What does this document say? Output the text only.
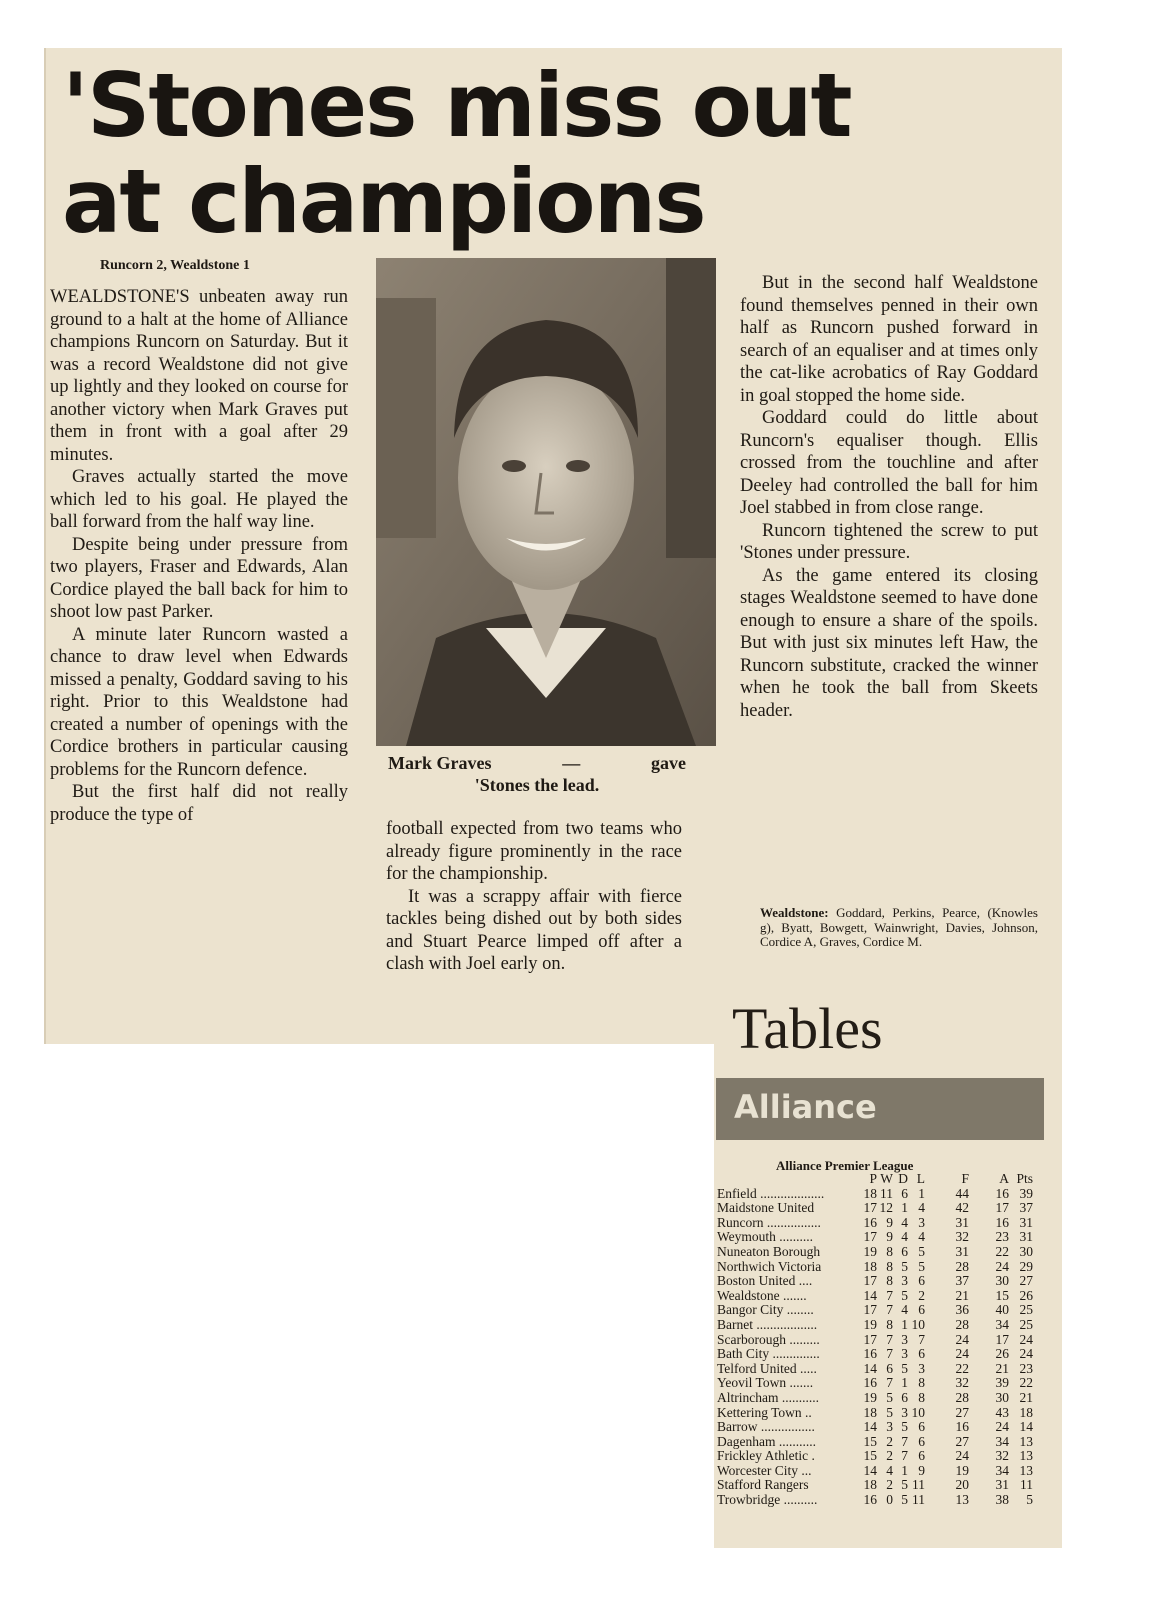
'Stones miss out
at champions
Runcorn 2, Wealdstone 1

WEALDSTONE'S unbeaten away run ground to a halt at the home of Alliance champions Runcorn on Saturday. But it was a record Wealdstone did not give up lightly and they looked on course for another victory when Mark Graves put them in front with a goal after 29 minutes.

Graves actually started the move which led to his goal. He played the ball forward from the half way line.

Despite being under pressure from two players, Fraser and Edwards, Alan Cordice played the ball back for him to shoot low past Parker.

A minute later Runcorn wasted a chance to draw level when Edwards missed a penalty, Goddard saving to his right. Prior to this Wealdstone had created a number of openings with the Cordice brothers in particular causing problems for the Runcorn defence.

But the first half did not really produce the type of

Mark Graves	—	gave
'Stones the lead.

football expected from two teams who already figure prominently in the race for the championship.

It was a scrappy affair with fierce tackles being dished out by both sides and Stuart Pearce limped off after a clash with Joel early on.

But in the second half Wealdstone found themselves penned in their own half as Runcorn pushed forward in search of an equaliser and at times only the cat-like acrobatics of Ray Goddard in goal stopped the home side.

Goddard could do little about Runcorn's equaliser though. Ellis crossed from the touchline and after Deeley had controlled the ball for him Joel stabbed in from close range.

Runcorn tightened the screw to put 'Stones under pressure.

As the game entered its closing stages Wealdstone seemed to have done enough to ensure a share of the spoils. But with just six minutes left Haw, the Runcorn substitute, cracked the winner when he took the ball from Skeets header.

Wealdstone: Goddard, Perkins, Pearce, (Knowles g), Byatt, Bowgett, Wainwright, Davies, Johnson, Cordice A, Graves, Cordice M.
Tables
Alliance
Alliance Premier League
	P	W	D	L	F	A	Pts
Enfield ...................	18	11	6	1	44	16	39
Maidstone United	17	12	1	4	42	17	37
Runcorn ................	16	9	4	3	31	16	31
Weymouth ..........	17	9	4	4	32	23	31
Nuneaton Borough	19	8	6	5	31	22	30
Northwich Victoria	18	8	5	5	28	24	29
Boston United ....	17	8	3	6	37	30	27
Wealdstone .......	14	7	5	2	21	15	26
Bangor City ........	17	7	4	6	36	40	25
Barnet ..................	19	8	1	10	28	34	25
Scarborough .........	17	7	3	7	24	17	24
Bath City ..............	16	7	3	6	24	26	24
Telford United .....	14	6	5	3	22	21	23
Yeovil Town .......	16	7	1	8	32	39	22
Altrincham ...........	19	5	6	8	28	30	21
Kettering Town ..	18	5	3	10	27	43	18
Barrow ................	14	3	5	6	16	24	14
Dagenham ...........	15	2	7	6	27	34	13
Frickley Athletic .	15	2	7	6	24	32	13
Worcester City ...	14	4	1	9	19	34	13
Stafford Rangers	18	2	5	11	20	31	11
Trowbridge ..........	16	0	5	11	13	38	5
